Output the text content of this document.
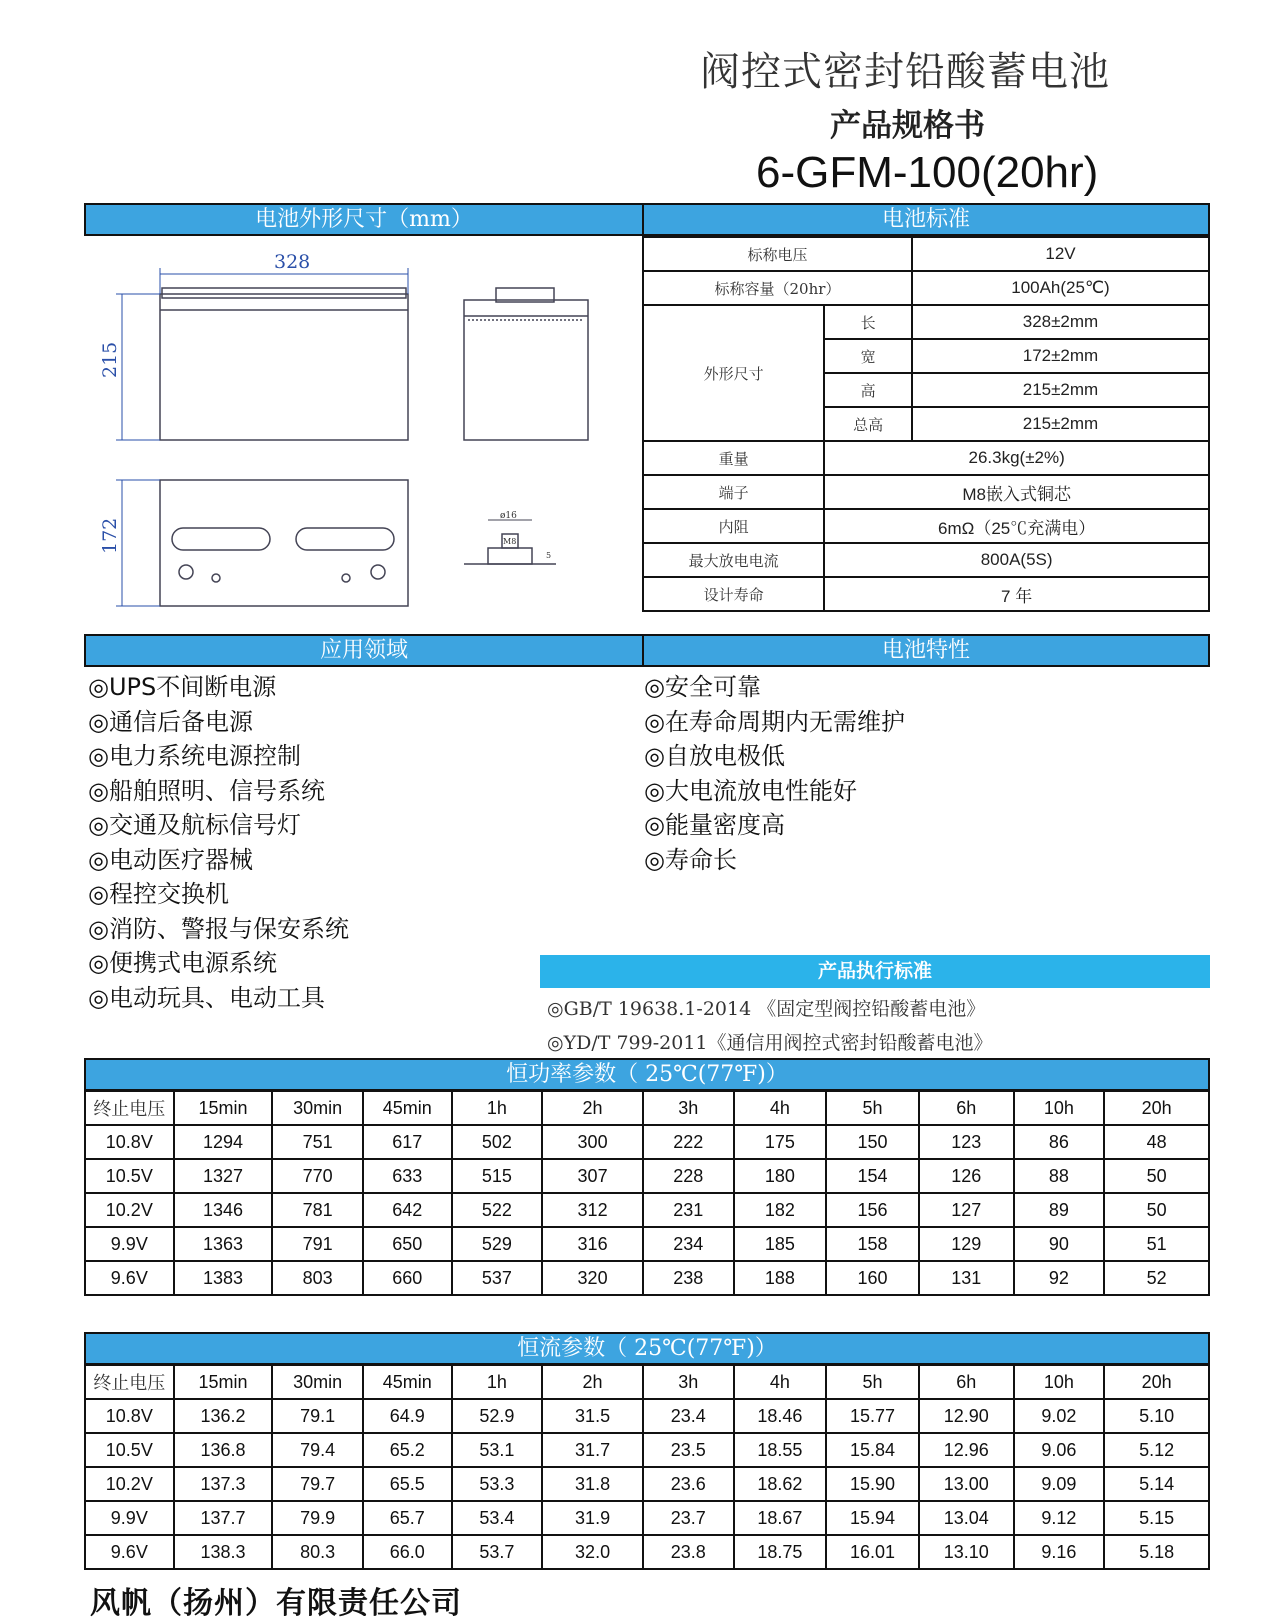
阀控式密封铅酸蓄电池
产品规格书
6-GFM-100(20hr)
电池外形尺寸（mm）	电池标准
328
215
172
ø16
M8
5
标称电压		12V
标称容量（20hr）		100Ah(25℃)
外形尺寸	长	328±2mm
	宽	172±2mm
	高	215±2mm
	总高	215±2mm
重量	26.3kg(±2%)	
端子	M8嵌入式铜芯	
内阻	6mΩ（25℃充满电）	
最大放电电流	800A(5S)	
设计寿命	7 年	
应用领域	电池特性
◎UPS不间断电源
◎通信后备电源
◎电力系统电源控制
◎船舶照明、信号系统
◎交通及航标信号灯
◎电动医疗器械
◎程控交换机
◎消防、警报与保安系统
◎便携式电源系统
◎电动玩具、电动工具
◎安全可靠
◎在寿命周期内无需维护
◎自放电极低
◎大电流放电性能好
◎能量密度高
◎寿命长
产品执行标准
◎GB/T 19638.1-2014 《固定型阀控铅酸蓄电池》
◎YD/T 799-2011《通信用阀控式密封铅酸蓄电池》
恒功率参数（ 25℃(77℉)）
终止电压	15min	30min	45min	1h	2h	3h	4h	5h	6h	10h	20h
10.8V	1294	751	617	502	300	222	175	150	123	86	48
10.5V	1327	770	633	515	307	228	180	154	126	88	50
10.2V	1346	781	642	522	312	231	182	156	127	89	50
9.9V	1363	791	650	529	316	234	185	158	129	90	51
9.6V	1383	803	660	537	320	238	188	160	131	92	52
恒流参数（ 25℃(77℉)）
终止电压	15min	30min	45min	1h	2h	3h	4h	5h	6h	10h	20h
10.8V	136.2	79.1	64.9	52.9	31.5	23.4	18.46	15.77	12.90	9.02	5.10
10.5V	136.8	79.4	65.2	53.1	31.7	23.5	18.55	15.84	12.96	9.06	5.12
10.2V	137.3	79.7	65.5	53.3	31.8	23.6	18.62	15.90	13.00	9.09	5.14
9.9V	137.7	79.9	65.7	53.4	31.9	23.7	18.67	15.94	13.04	9.12	5.15
9.6V	138.3	80.3	66.0	53.7	32.0	23.8	18.75	16.01	13.10	9.16	5.18
风帆（扬州）有限责任公司
